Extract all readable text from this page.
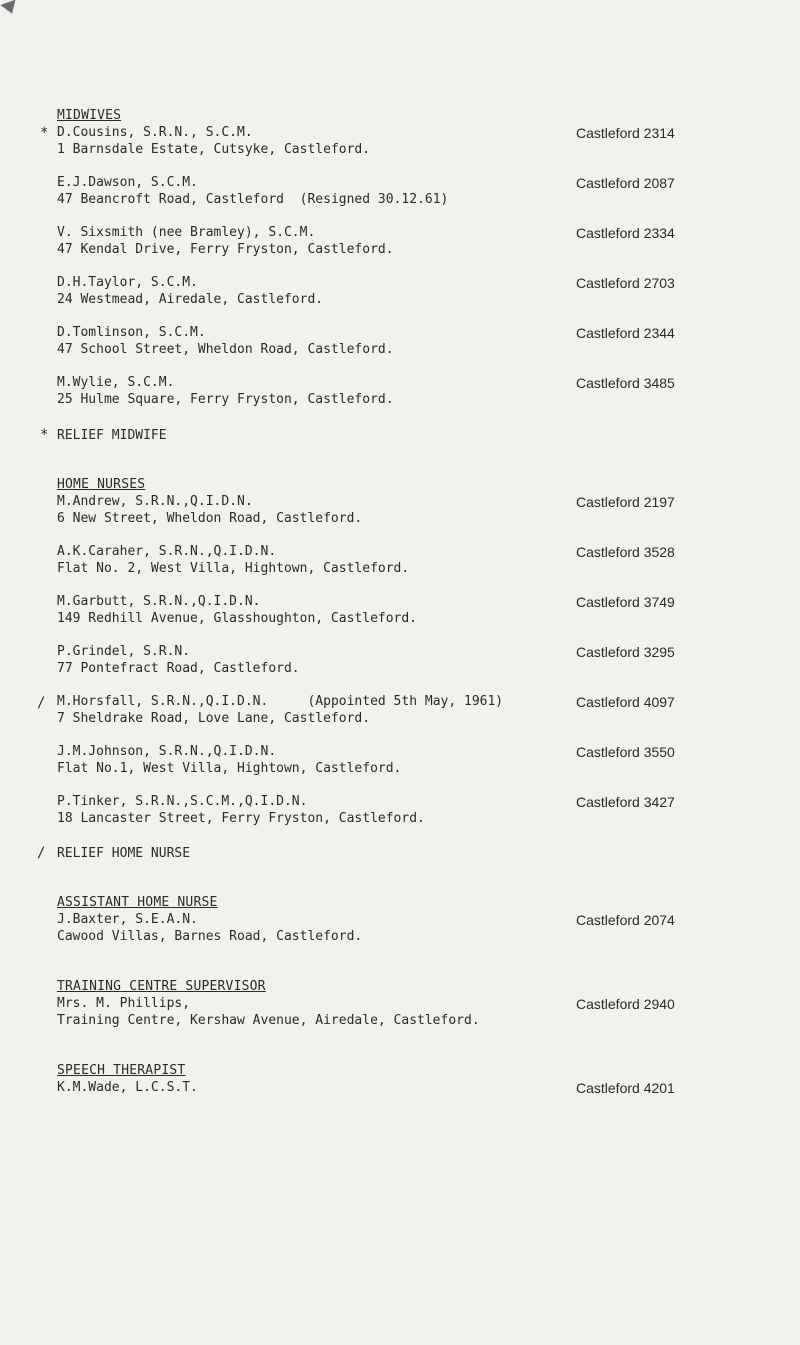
MIDWIVES
* D.Cousins, S.R.N., S.C.M.	Castleford 2314
1 Barnsdale Estate, Cutsyke, Castleford.
E.J.Dawson, S.C.M.	Castleford 2087
47 Beancroft Road, Castleford (Resigned 30.12.61)
V. Sixsmith (nee Bramley), S.C.M.	Castleford 2334
47 Kendal Drive, Ferry Fryston, Castleford.
D.H.Taylor, S.C.M.	Castleford 2703
24 Westmead, Airedale, Castleford.
D.Tomlinson, S.C.M.	Castleford 2344
47 School Street, Wheldon Road, Castleford.
M.Wylie, S.C.M.	Castleford 3485
25 Hulme Square, Ferry Fryston, Castleford.
* RELIEF MIDWIFE
HOME NURSES
M.Andrew, S.R.N.,Q.I.D.N.	Castleford 2197
6 New Street, Wheldon Road, Castleford.
A.K.Caraher, S.R.N.,Q.I.D.N.	Castleford 3528
Flat No. 2, West Villa, Hightown, Castleford.
M.Garbutt, S.R.N.,Q.I.D.N.	Castleford 3749
149 Redhill Avenue, Glasshoughton, Castleford.
P.Grindel, S.R.N.	Castleford 3295
77 Pontefract Road, Castleford.
/ M.Horsfall, S.R.N.,Q.I.D.N.	(Appointed 5th May, 1961)	Castleford 4097
7 Sheldrake Road, Love Lane, Castleford.
J.M.Johnson, S.R.N.,Q.I.D.N.	Castleford 3550
Flat No.1, West Villa, Hightown, Castleford.
P.Tinker, S.R.N.,S.C.M.,Q.I.D.N.	Castleford 3427
18 Lancaster Street, Ferry Fryston, Castleford.
/ RELIEF HOME NURSE
ASSISTANT HOME NURSE
J.Baxter, S.E.A.N.	Castleford 2074
Cawood Villas, Barnes Road, Castleford.
TRAINING CENTRE SUPERVISOR
Mrs. M. Phillips,	Castleford 2940
Training Centre, Kershaw Avenue, Airedale, Castleford.
SPEECH THERAPIST
K.M.Wade, L.C.S.T.	Castleford 4201
